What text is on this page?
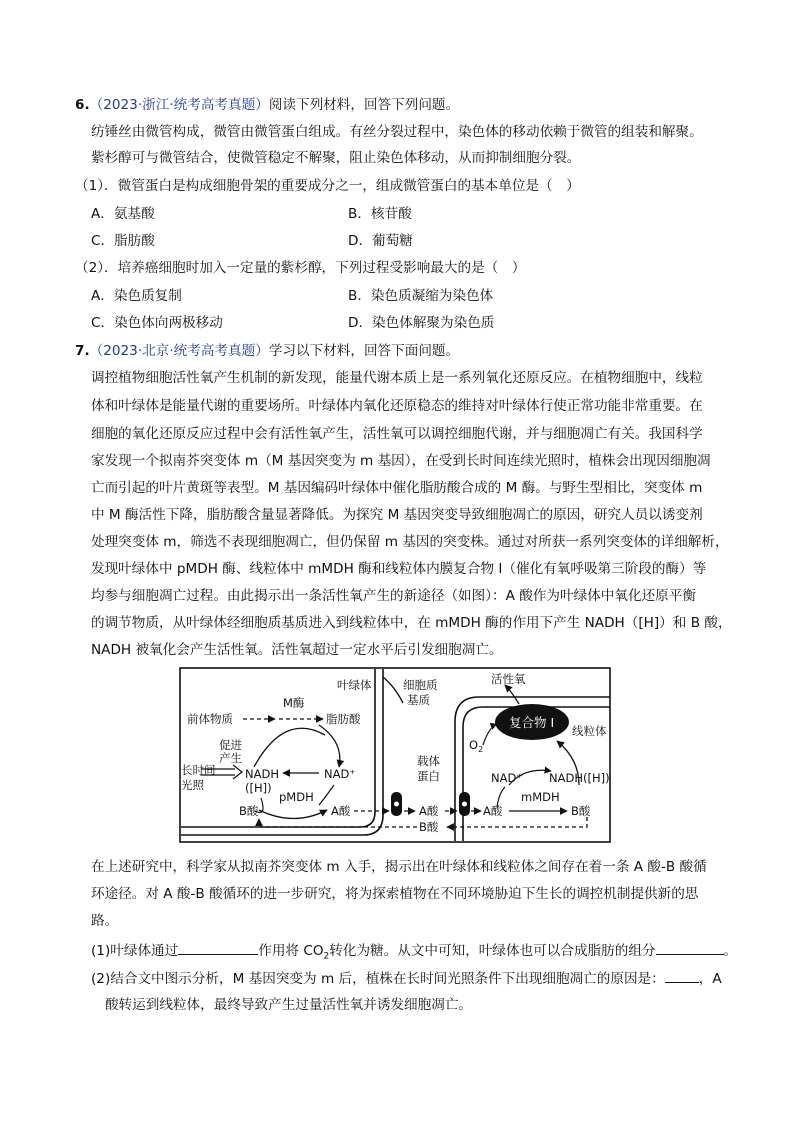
6.（2023·浙江·统考高考真题）阅读下列材料，回答下列问题。
纺锤丝由微管构成，微管由微管蛋白组成。有丝分裂过程中，染色体的移动依赖于微管的组装和解聚。
紫杉醇可与微管结合，使微管稳定不解聚，阻止染色体移动，从而抑制细胞分裂。
（1）．微管蛋白是构成细胞骨架的重要成分之一，组成微管蛋白的基本单位是（　）
A．氨基酸	B．核苷酸
C．脂肪酸	D．葡萄糖
（2）．培养癌细胞时加入一定量的紫杉醇，下列过程受影响最大的是（　）
A．染色质复制	B．染色质凝缩为染色体
C．染色体向两极移动	D．染色体解聚为染色质
7.（2023·北京·统考高考真题）学习以下材料，回答下面问题。
调控植物细胞活性氧产生机制的新发现，能量代谢本质上是一系列氧化还原反应。在植物细胞中，线粒
体和叶绿体是能量代谢的重要场所。叶绿体内氧化还原稳态的维持对叶绿体行使正常功能非常重要。在
细胞的氧化还原反应过程中会有活性氧产生，活性氧可以调控细胞代谢，并与细胞凋亡有关。我国科学
家发现一个拟南芥突变体 m（M 基因突变为 m 基因），在受到长时间连续光照时，植株会出现因细胞凋
亡而引起的叶片黄斑等表型。M 基因编码叶绿体中催化脂肪酸合成的 M 酶。与野生型相比，突变体 m
中 M 酶活性下降，脂肪酸含量显著降低。为探究 M 基因突变导致细胞凋亡的原因，研究人员以诱变剂
处理突变体 m，筛选不表现细胞凋亡，但仍保留 m 基因的突变株。通过对所获一系列突变体的详细解析，
发现叶绿体中 pMDH 酶、线粒体中 mMDH 酶和线粒体内膜复合物 I（催化有氧呼吸第三阶段的酶）等
均参与细胞凋亡过程。由此揭示出一条活性氧产生的新途径（如图）：A 酸作为叶绿体中氧化还原平衡
的调节物质，从叶绿体经细胞质基质进入到线粒体中，在 mMDH 酶的作用下产生 NADH（[H]）和 B 酸，
NADH 被氧化会产生活性氧。活性氧超过一定水平后引发细胞凋亡。
叶绿体	细胞质
基质
活性氧
复合物 I
线粒体
$O_2$
前体物质
M酶
脂肪酸
促进
产生
长时间
光照
NADH
([H])
NAD⁺
pMDH
B酸	A酸
载体
蛋白
A酸
B酸
A酸	B酸
NAD⁺ NADH([H])
mMDH
在上述研究中，科学家从拟南芥突变体 m 入手，揭示出在叶绿体和线粒体之间存在着一条 A 酸-B 酸循
环途径。对 A 酸-B 酸循环的进一步研究，将为探索植物在不同环境胁迫下生长的调控机制提供新的思
路。
(1)叶绿体通过	作用将 $CO_2$转化为糖。从文中可知，叶绿体也可以合成脂肪的组分	。
(2)结合文中图示分析，M 基因突变为 m 后，植株在长时间光照条件下出现细胞凋亡的原因是：	，A
酸转运到线粒体，最终导致产生过量活性氧并诱发细胞凋亡。
